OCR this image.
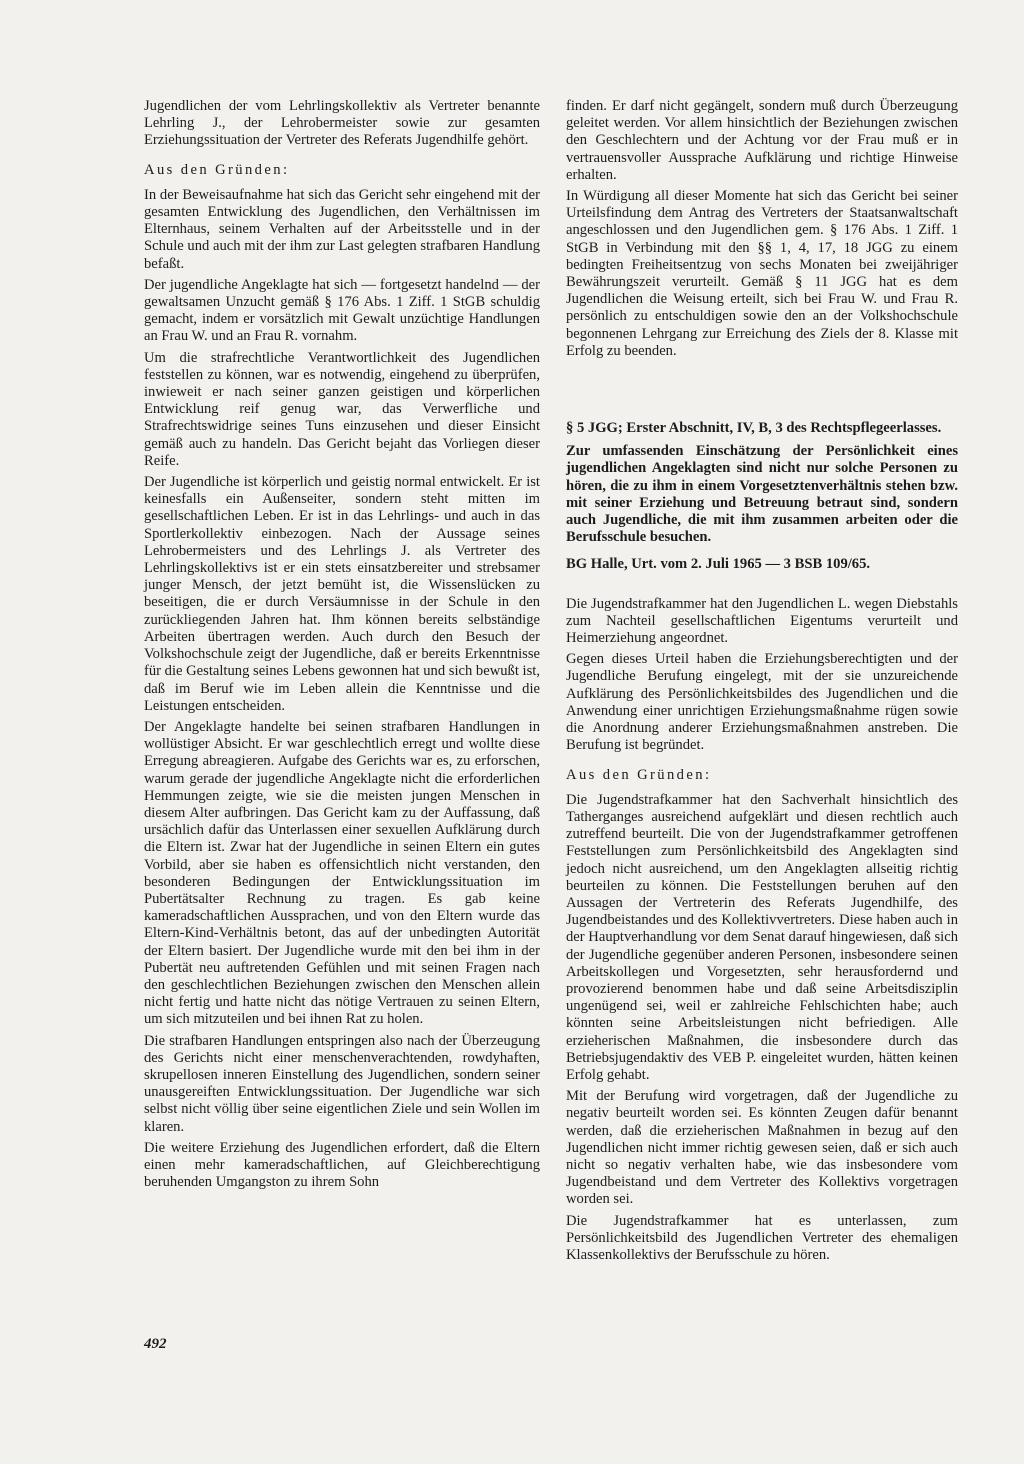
Jugendlichen der vom Lehrlingskollektiv als Vertreter benannte Lehrling J., der Lehrobermeister sowie zur gesamten Erziehungssituation der Vertreter des Referats Jugendhilfe gehört.

Aus den Gründen:

In der Beweisaufnahme hat sich das Gericht sehr eingehend mit der gesamten Entwicklung des Jugendlichen, den Verhältnissen im Elternhaus, seinem Verhalten auf der Arbeitsstelle und in der Schule und auch mit der ihm zur Last gelegten strafbaren Handlung befaßt.

Der jugendliche Angeklagte hat sich — fortgesetzt handelnd — der gewaltsamen Unzucht gemäß § 176 Abs. 1 Ziff. 1 StGB schuldig gemacht, indem er vorsätzlich mit Gewalt unzüchtige Handlungen an Frau W. und an Frau R. vornahm.

Um die strafrechtliche Verantwortlichkeit des Jugendlichen feststellen zu können, war es notwendig, eingehend zu überprüfen, inwieweit er nach seiner ganzen geistigen und körperlichen Entwicklung reif genug war, das Verwerfliche und Strafrechtswidrige seines Tuns einzusehen und dieser Einsicht gemäß auch zu handeln. Das Gericht bejaht das Vorliegen dieser Reife.

Der Jugendliche ist körperlich und geistig normal entwickelt. Er ist keinesfalls ein Außenseiter, sondern steht mitten im gesellschaftlichen Leben. Er ist in das Lehrlings- und auch in das Sportlerkollektiv einbezogen. Nach der Aussage seines Lehrobermeisters und des Lehrlings J. als Vertreter des Lehrlingskollektivs ist er ein stets einsatzbereiter und strebsamer junger Mensch, der jetzt bemüht ist, die Wissenslücken zu beseitigen, die er durch Versäumnisse in der Schule in den zurückliegenden Jahren hat. Ihm können bereits selbständige Arbeiten übertragen werden. Auch durch den Besuch der Volkshochschule zeigt der Jugendliche, daß er bereits Erkenntnisse für die Gestaltung seines Lebens gewonnen hat und sich bewußt ist, daß im Beruf wie im Leben allein die Kenntnisse und die Leistungen entscheiden.

Der Angeklagte handelte bei seinen strafbaren Handlungen in wollüstiger Absicht. Er war geschlechtlich erregt und wollte diese Erregung abreagieren. Aufgabe des Gerichts war es, zu erforschen, warum gerade der jugendliche Angeklagte nicht die erforderlichen Hemmungen zeigte, wie sie die meisten jungen Menschen in diesem Alter aufbringen. Das Gericht kam zu der Auffassung, daß ursächlich dafür das Unterlassen einer sexuellen Aufklärung durch die Eltern ist. Zwar hat der Jugendliche in seinen Eltern ein gutes Vorbild, aber sie haben es offensichtlich nicht verstanden, den besonderen Bedingungen der Entwicklungssituation im Pubertätsalter Rechnung zu tragen. Es gab keine kameradschaftlichen Aussprachen, und von den Eltern wurde das Eltern-Kind-Verhältnis betont, das auf der unbedingten Autorität der Eltern basiert. Der Jugendliche wurde mit den bei ihm in der Pubertät neu auftretenden Gefühlen und mit seinen Fragen nach den geschlechtlichen Beziehungen zwischen den Menschen allein nicht fertig und hatte nicht das nötige Vertrauen zu seinen Eltern, um sich mitzuteilen und bei ihnen Rat zu holen.

Die strafbaren Handlungen entspringen also nach der Überzeugung des Gerichts nicht einer menschenverachtenden, rowdyhaften, skrupellosen inneren Einstellung des Jugendlichen, sondern seiner unausgereiften Entwicklungssituation. Der Jugendliche war sich selbst nicht völlig über seine eigentlichen Ziele und sein Wollen im klaren.

Die weitere Erziehung des Jugendlichen erfordert, daß die Eltern einen mehr kameradschaftlichen, auf Gleichberechtigung beruhenden Umgangston zu ihrem Sohn

finden. Er darf nicht gegängelt, sondern muß durch Überzeugung geleitet werden. Vor allem hinsichtlich der Beziehungen zwischen den Geschlechtern und der Achtung vor der Frau muß er in vertrauensvoller Aussprache Aufklärung und richtige Hinweise erhalten.

In Würdigung all dieser Momente hat sich das Gericht bei seiner Urteilsfindung dem Antrag des Vertreters der Staatsanwaltschaft angeschlossen und den Jugendlichen gem. § 176 Abs. 1 Ziff. 1 StGB in Verbindung mit den §§ 1, 4, 17, 18 JGG zu einem bedingten Freiheitsentzug von sechs Monaten bei zweijähriger Bewährungszeit verurteilt. Gemäß § 11 JGG hat es dem Jugendlichen die Weisung erteilt, sich bei Frau W. und Frau R. persönlich zu entschuldigen sowie den an der Volkshochschule begonnenen Lehrgang zur Erreichung des Ziels der 8. Klasse mit Erfolg zu beenden.

§ 5 JGG; Erster Abschnitt, IV, B, 3 des Rechtspflegeerlasses.

Zur umfassenden Einschätzung der Persönlichkeit eines jugendlichen Angeklagten sind nicht nur solche Personen zu hören, die zu ihm in einem Vorgesetztenverhältnis stehen bzw. mit seiner Erziehung und Betreuung betraut sind, sondern auch Jugendliche, die mit ihm zusammen arbeiten oder die Berufsschule besuchen.

BG Halle, Urt. vom 2. Juli 1965 — 3 BSB 109/65.

Die Jugendstrafkammer hat den Jugendlichen L. wegen Diebstahls zum Nachteil gesellschaftlichen Eigentums verurteilt und Heimerziehung angeordnet.

Gegen dieses Urteil haben die Erziehungsberechtigten und der Jugendliche Berufung eingelegt, mit der sie unzureichende Aufklärung des Persönlichkeitsbildes des Jugendlichen und die Anwendung einer unrichtigen Erziehungsmaßnahme rügen sowie die Anordnung anderer Erziehungsmaßnahmen anstreben. Die Berufung ist begründet.

Aus den Gründen:

Die Jugendstrafkammer hat den Sachverhalt hinsichtlich des Tatherganges ausreichend aufgeklärt und diesen rechtlich auch zutreffend beurteilt. Die von der Jugendstrafkammer getroffenen Feststellungen zum Persönlichkeitsbild des Angeklagten sind jedoch nicht ausreichend, um den Angeklagten allseitig richtig beurteilen zu können. Die Feststellungen beruhen auf den Aussagen der Vertreterin des Referats Jugendhilfe, des Jugendbeistandes und des Kollektivvertreters. Diese haben auch in der Hauptverhandlung vor dem Senat darauf hingewiesen, daß sich der Jugendliche gegenüber anderen Personen, insbesondere seinen Arbeitskollegen und Vorgesetzten, sehr herausfordernd und provozierend benommen habe und daß seine Arbeitsdisziplin ungenügend sei, weil er zahlreiche Fehlschichten habe; auch könnten seine Arbeitsleistungen nicht befriedigen. Alle erzieherischen Maßnahmen, die insbesondere durch das Betriebsjugendaktiv des VEB P. eingeleitet wurden, hätten keinen Erfolg gehabt.

Mit der Berufung wird vorgetragen, daß der Jugendliche zu negativ beurteilt worden sei. Es könnten Zeugen dafür benannt werden, daß die erzieherischen Maßnahmen in bezug auf den Jugendlichen nicht immer richtig gewesen seien, daß er sich auch nicht so negativ verhalten habe, wie das insbesondere vom Jugendbeistand und dem Vertreter des Kollektivs vorgetragen worden sei.

Die Jugendstrafkammer hat es unterlassen, zum Persönlichkeitsbild des Jugendlichen Vertreter des ehemaligen Klassenkollektivs der Berufsschule zu hören.

492
